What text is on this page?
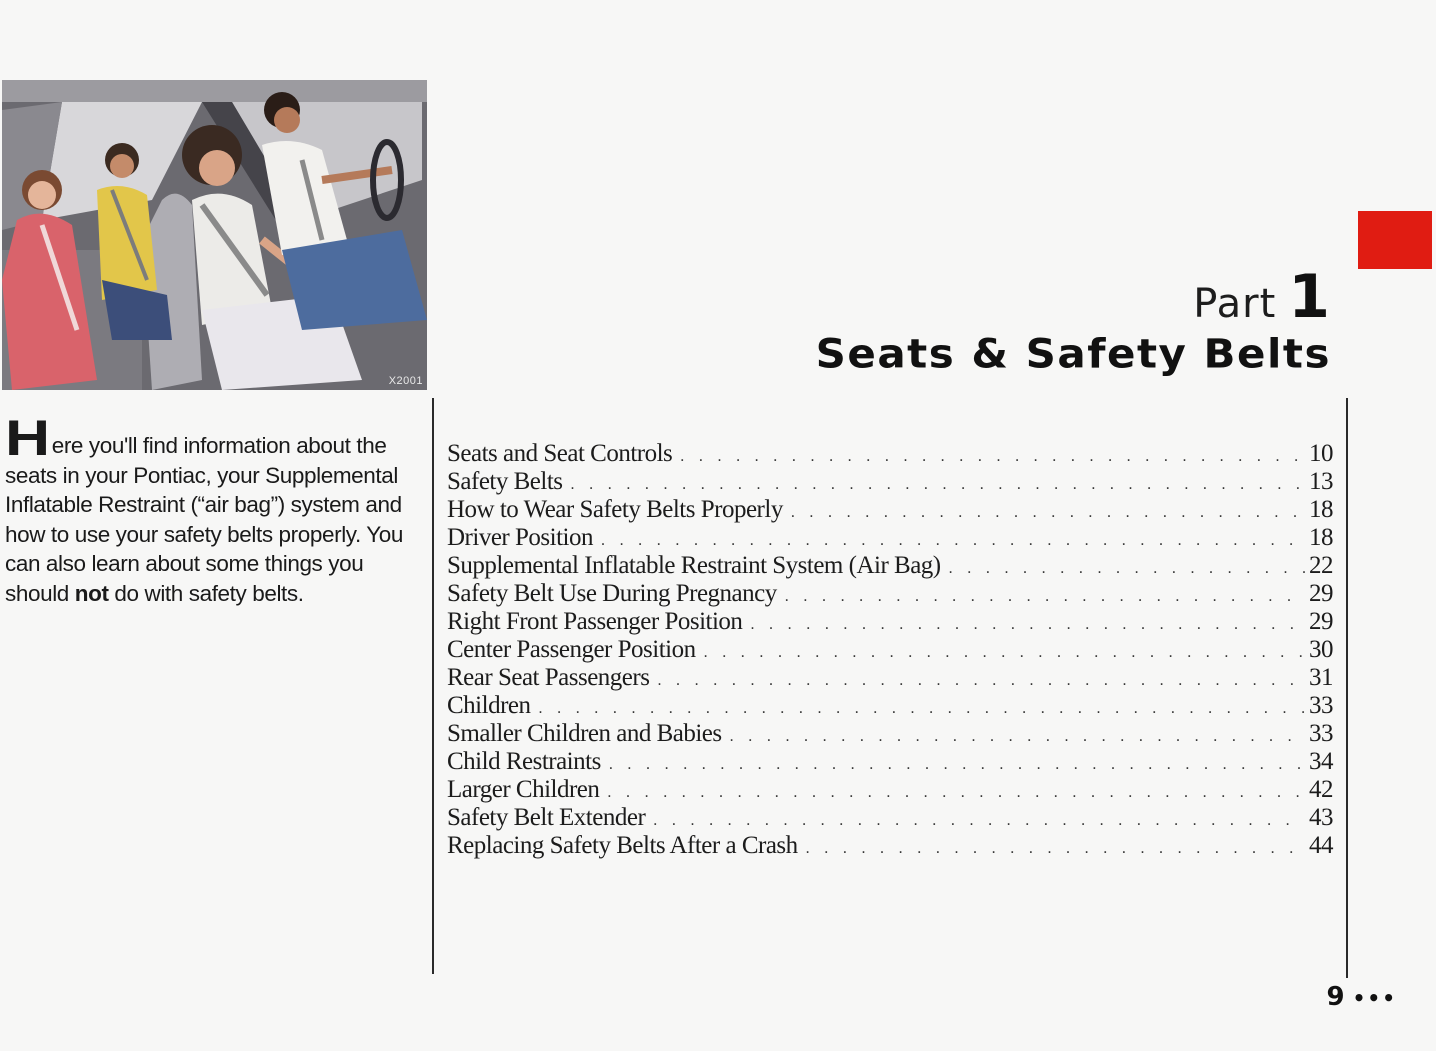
X2001
Here you'll find information about the seats in your Pontiac, your Supplemental Inflatable Restraint (“air bag”) system and how to use your safety belts properly. You can also learn about some things you should not do with safety belts.
Part 1
Seats & Safety Belts
Seats and Seat Controls . . .	10
Safety Belts . . .	13
How to Wear Safety Belts Properly . . .	18
Driver Position . . .	18
Supplemental Inflatable Restraint System (Air Bag) . . .	22
Safety Belt Use During Pregnancy . . .	29
Right Front Passenger Position . . .	29
Center Passenger Position . . .	30
Rear Seat Passengers . . .	31
Children . . .	33
Smaller Children and Babies . . .	33
Child Restraints . . .	34
Larger Children . . .	42
Safety Belt Extender . . .	43
Replacing Safety Belts After a Crash . . .	44
9 •••
